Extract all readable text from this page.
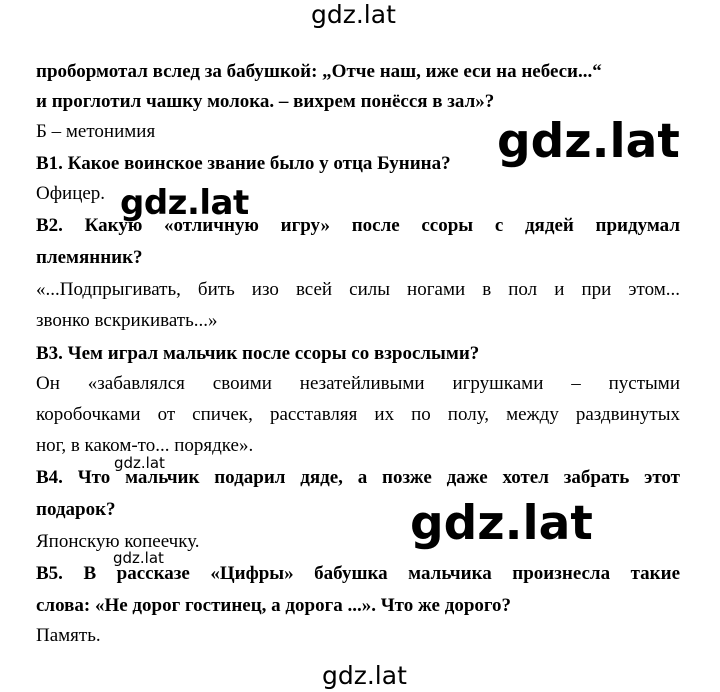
пробормотал вслед за бабушкой: „Отче наш, иже еси на небеси...“
и проглотил чашку молока. – вихрем понёсся в зал»?
Б – метонимия
В1. Какое воинское звание было у отца Бунина?
Офицер.
В2. Какую «отличную игру» после ссоры с дядей придумал
племянник?
«...Подпрыгивать, бить изо всей силы ногами в пол и при этом...
звонко вскрикивать...»
В3. Чем играл мальчик после ссоры со взрослыми?
Он «забавлялся своими незатейливыми игрушками – пустыми
коробочками от спичек, расставляя их по полу, между раздвинутых
ног, в каком-то... порядке».
В4. Что мальчик подарил дяде, а позже даже хотел забрать этот
подарок?
Японскую копеечку.
В5. В рассказе «Цифры» бабушка мальчика произнесла такие
слова: «Не дорог гостинец, а дорога ...». Что же дорого?
Память.
gdz.lat
gdz.lat
gdz.lat
gdz.lat
gdz.lat
gdz.lat
gdz.lat
